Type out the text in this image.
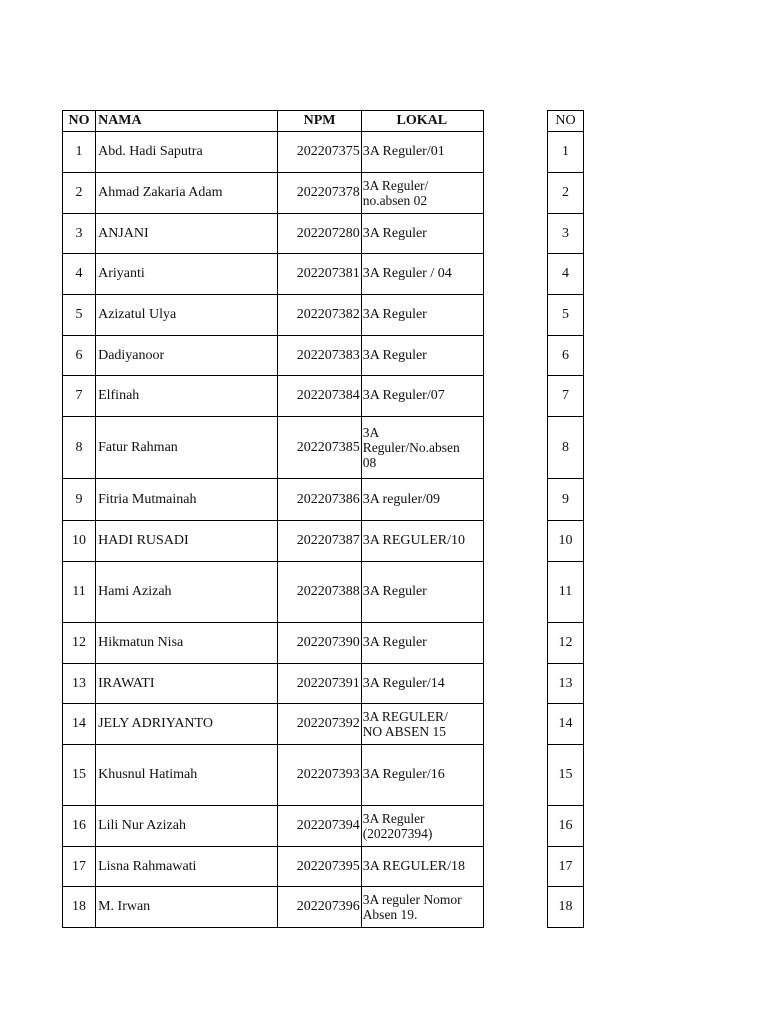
NO	NAMA	NPM	LOKAL
1	Abd. Hadi Saputra	202207375	3A Reguler/01
2	Ahmad Zakaria Adam	202207378	3A Reguler/
no.absen 02
3	ANJANI	202207280	3A Reguler
4	Ariyanti	202207381	3A Reguler / 04
5	Azizatul Ulya	202207382	3A Reguler
6	Dadiyanoor	202207383	3A Reguler
7	Elfinah	202207384	3A Reguler/07
8	Fatur Rahman	202207385	3A
Reguler/No.absen
08
9	Fitria Mutmainah	202207386	3A reguler/09
10	HADI RUSADI	202207387	3A REGULER/10
11	Hami Azizah	202207388	3A Reguler
12	Hikmatun Nisa	202207390	3A Reguler
13	IRAWATI	202207391	3A Reguler/14
14	JELY ADRIYANTO	202207392	3A REGULER/
NO ABSEN 15
15	Khusnul Hatimah	202207393	3A Reguler/16
16	Lili Nur Azizah	202207394	3A Reguler
(202207394)
17	Lisna Rahmawati	202207395	3A REGULER/18
18	M. Irwan	202207396	3A reguler Nomor
Absen 19.
NO
1
2
3
4
5
6
7
8
9
10
11
12
13
14
15
16
17
18
